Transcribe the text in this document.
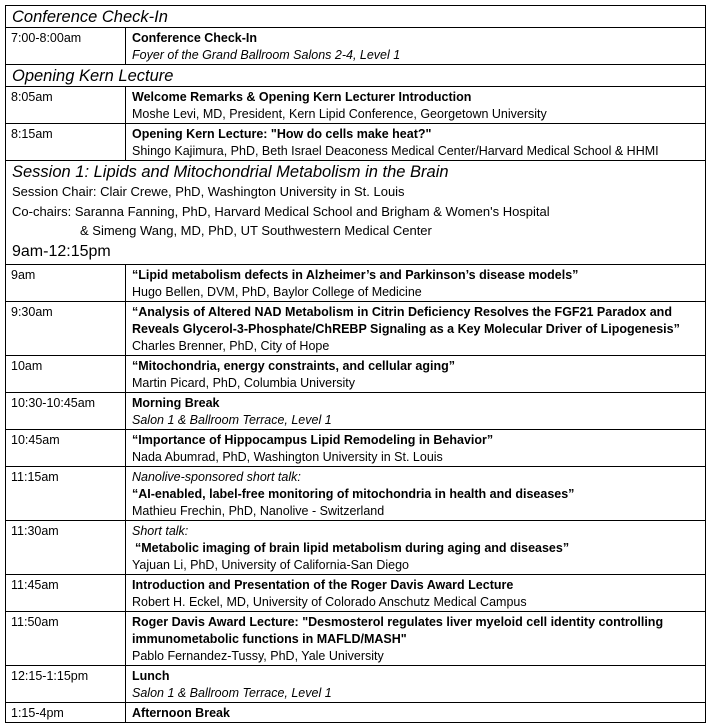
Conference Check-In
7:00-8:00am	Conference Check-In
Foyer of the Grand Ballroom Salons 2-4, Level 1
Opening Kern Lecture
8:05am	Welcome Remarks & Opening Kern Lecturer Introduction
Moshe Levi, MD, President, Kern Lipid Conference, Georgetown University
8:15am	Opening Kern Lecture: "How do cells make heat?"
Shingo Kajimura, PhD, Beth Israel Deaconess Medical Center/Harvard Medical School & HHMI
Session 1: Lipids and Mitochondrial Metabolism in the Brain
Session Chair: Clair Crewe, PhD, Washington University in St. Louis
Co-chairs: Saranna Fanning, PhD, Harvard Medical School and Brigham & Women's Hospital
& Simeng Wang, MD, PhD, UT Southwestern Medical Center
9am-12:15pm
9am	“Lipid metabolism defects in Alzheimer’s and Parkinson’s disease models”
Hugo Bellen, DVM, PhD, Baylor College of Medicine
9:30am	“Analysis of Altered NAD Metabolism in Citrin Deficiency Resolves the FGF21 Paradox and
Reveals Glycerol-3-Phosphate/ChREBP Signaling as a Key Molecular Driver of Lipogenesis”
Charles Brenner, PhD, City of Hope
10am	“Mitochondria, energy constraints, and cellular aging”
Martin Picard, PhD, Columbia University
10:30-10:45am	Morning Break
Salon 1 & Ballroom Terrace, Level 1
10:45am	“Importance of Hippocampus Lipid Remodeling in Behavior”
Nada Abumrad, PhD, Washington University in St. Louis
11:15am	Nanolive-sponsored short talk:
“AI-enabled, label-free monitoring of mitochondria in health and diseases”
Mathieu Frechin, PhD, Nanolive - Switzerland
11:30am	Short talk:
“Metabolic imaging of brain lipid metabolism during aging and diseases”
Yajuan Li, PhD, University of California-San Diego
11:45am	Introduction and Presentation of the Roger Davis Award Lecture
Robert H. Eckel, MD, University of Colorado Anschutz Medical Campus
11:50am	Roger Davis Award Lecture: "Desmosterol regulates liver myeloid cell identity controlling
immunometabolic functions in MAFLD/MASH"
Pablo Fernandez-Tussy, PhD, Yale University
12:15-1:15pm	Lunch
Salon 1 & Ballroom Terrace, Level 1
1:15-4pm	Afternoon Break
